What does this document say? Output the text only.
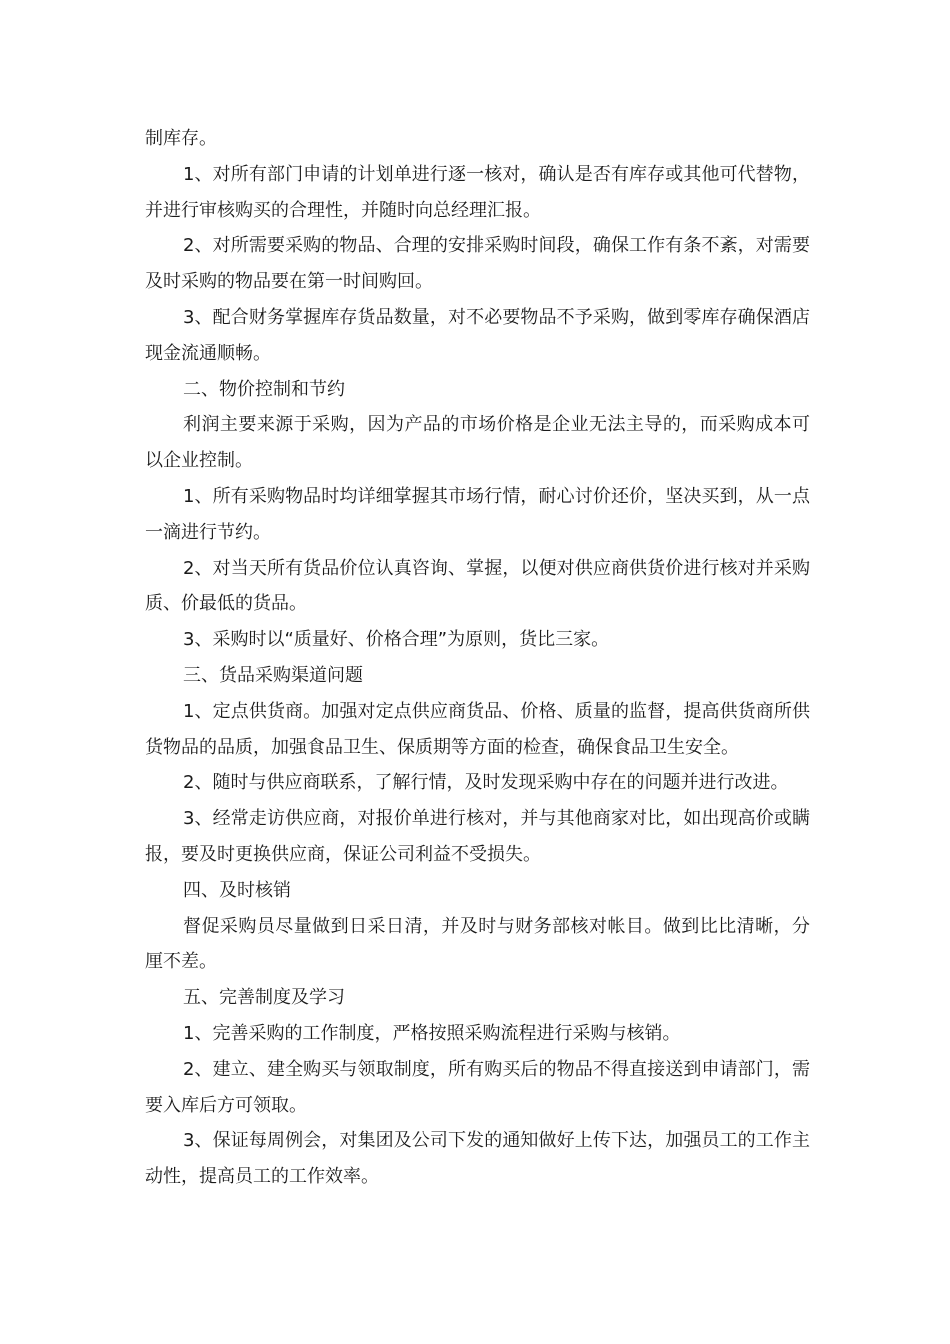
制库存。

1、对所有部门申请的计划单进行逐一核对，确认是否有库存或其他可代替物，并进行审核购买的合理性，并随时向总经理汇报。

2、对所需要采购的物品、合理的安排采购时间段，确保工作有条不紊，对需要及时采购的物品要在第一时间购回。

3、配合财务掌握库存货品数量，对不必要物品不予采购，做到零库存确保酒店现金流通顺畅。

二、物价控制和节约

利润主要来源于采购，因为产品的市场价格是企业无法主导的，而采购成本可以企业控制。

1、所有采购物品时均详细掌握其市场行情，耐心讨价还价，坚决买到，从一点一滴进行节约。

2、对当天所有货品价位认真咨询、掌握，以便对供应商供货价进行核对并采购质、价最低的货品。

3、采购时以“质量好、价格合理”为原则，货比三家。

三、货品采购渠道问题

1、定点供货商。加强对定点供应商货品、价格、质量的监督，提高供货商所供货物品的品质，加强食品卫生、保质期等方面的检查，确保食品卫生安全。

2、随时与供应商联系，了解行情，及时发现采购中存在的问题并进行改进。

3、经常走访供应商，对报价单进行核对，并与其他商家对比，如出现高价或瞒报，要及时更换供应商，保证公司利益不受损失。

四、及时核销

督促采购员尽量做到日采日清，并及时与财务部核对帐目。做到比比清晰，分厘不差。

五、完善制度及学习

1、完善采购的工作制度，严格按照采购流程进行采购与核销。

2、建立、建全购买与领取制度，所有购买后的物品不得直接送到申请部门，需要入库后方可领取。

3、保证每周例会，对集团及公司下发的通知做好上传下达，加强员工的工作主动性，提高员工的工作效率。
